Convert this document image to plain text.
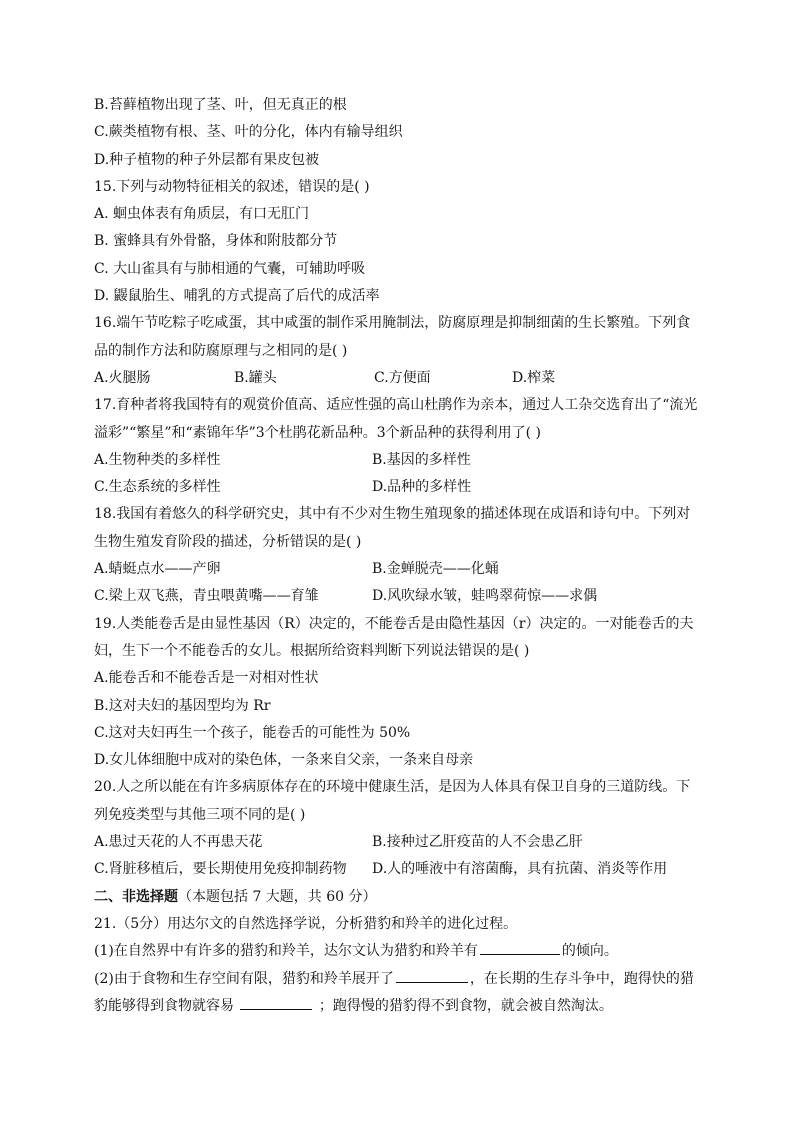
B.苔藓植物出现了茎、叶，但无真正的根
C.蕨类植物有根、茎、叶的分化，体内有输导组织
D.种子植物的种子外层都有果皮包被
15.下列与动物特征相关的叙述，错误的是( )
A. 蛔虫体表有角质层，有口无肛门
B. 蜜蜂具有外骨骼，身体和附肢都分节
C. 大山雀具有与肺相通的气囊，可辅助呼吸
D. 鼹鼠胎生、哺乳的方式提高了后代的成活率
16.端午节吃粽子吃咸蛋，其中咸蛋的制作采用腌制法，防腐原理是抑制细菌的生长繁殖。下列食
品的制作方法和防腐原理与之相同的是( )
A.火腿肠	B.罐头	C.方便面	D.榨菜
17.育种者将我国特有的观赏价值高、适应性强的高山杜鹃作为亲本，通过人工杂交选育出了“流光
溢彩”“繁星”和“素锦年华”3个杜鹃花新品种。3个新品种的获得利用了( )
A.生物种类的多样性	B.基因的多样性
C.生态系统的多样性	D.品种的多样性
18.我国有着悠久的科学研究史，其中有不少对生物生殖现象的描述体现在成语和诗句中。下列对
生物生殖发育阶段的描述，分析错误的是( )
A.蜻蜓点水——产卵	B.金蝉脱壳——化蛹
C.梁上双飞燕，青虫喂黄嘴——育雏	D.风吹绿水皱，蛙鸣翠荷惊——求偶
19.人类能卷舌是由显性基因（R）决定的，不能卷舌是由隐性基因（r）决定的。一对能卷舌的夫
妇，生下一个不能卷舌的女儿。根据所给资料判断下列说法错误的是( )
A.能卷舌和不能卷舌是一对相对性状
B.这对夫妇的基因型均为 Rr
C.这对夫妇再生一个孩子，能卷舌的可能性为 50%
D.女儿体细胞中成对的染色体，一条来自父亲，一条来自母亲
20.人之所以能在有许多病原体存在的环境中健康生活，是因为人体具有保卫自身的三道防线。下
列免疫类型与其他三项不同的是( )
A.患过天花的人不再患天花	B.接种过乙肝疫苗的人不会患乙肝
C.肾脏移植后，要长期使用免疫抑制药物	D.人的唾液中有溶菌酶，具有抗菌、消炎等作用
二、非选择题（本题包括 7 大题，共 60 分）
21.（5分）用达尔文的自然选择学说，分析猎豹和羚羊的进化过程。
(1)在自然界中有许多的猎豹和羚羊，达尔文认为猎豹和羚羊有	的倾向。
(2)由于食物和生存空间有限，猎豹和羚羊展开了	，在长期的生存斗争中，跑得快的猎
豹能够得到食物就容易	；跑得慢的猎豹得不到食物，就会被自然淘汰。
